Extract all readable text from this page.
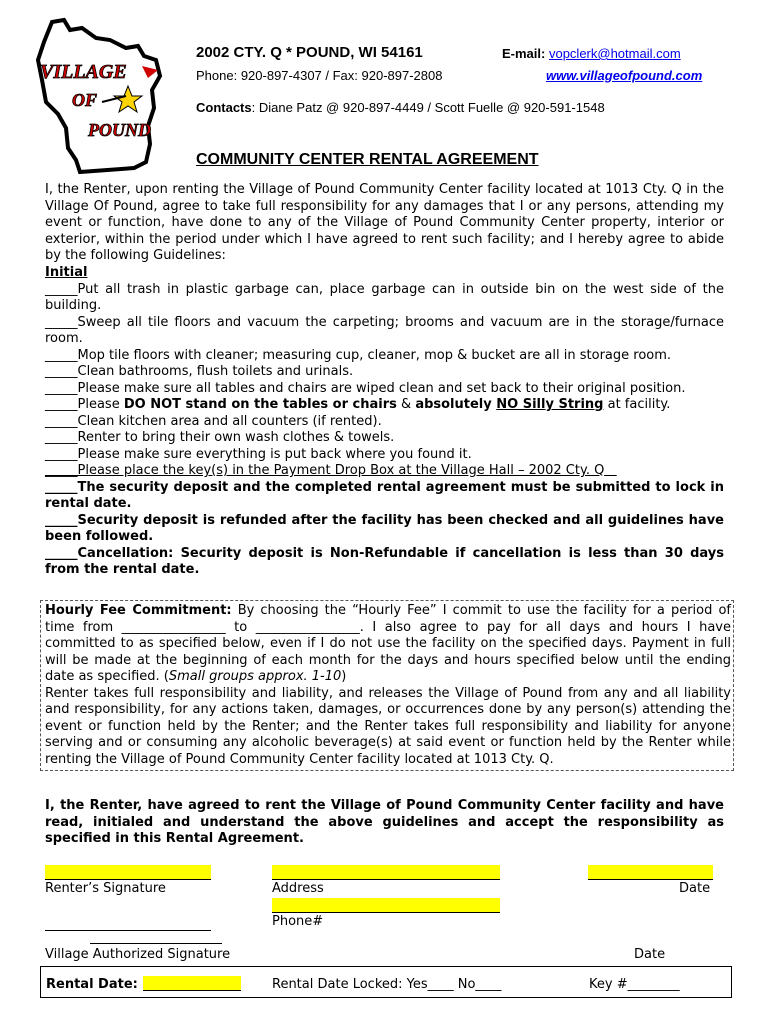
VILLAGE
OF
POUND
2002 CTY. Q * POUND, WI 54161	E-mail: vopclerk@hotmail.com
Phone: 920-897-4307 / Fax: 920-897-2808	www.villageofpound.com
Contacts: Diane Patz @ 920-897-4449 / Scott Fuelle @ 920-591-1548
COMMUNITY CENTER RENTAL AGREEMENT
I, the Renter, upon renting the Village of Pound Community Center facility located at 1013 Cty. Q in the Village Of Pound, agree to take full responsibility for any damages that I or any persons, attending my event or function, have done to any of the Village of Pound Community Center property, interior or exterior, within the period under which I have agreed to rent such facility; and I hereby agree to abide by the following Guidelines:

Initial

_____Put all trash in plastic garbage can, place garbage can in outside bin on the west side of the building.

_____Sweep all tile floors and vacuum the carpeting; brooms and vacuum are in the storage/furnace room.

_____Mop tile floors with cleaner; measuring cup, cleaner, mop & bucket are all in storage room.

_____Clean bathrooms, flush toilets and urinals.

_____Please make sure all tables and chairs are wiped clean and set back to their original position.

_____Please DO NOT stand on the tables or chairs & absolutely NO Silly String at facility.

_____Clean kitchen area and all counters (if rented).

_____Renter to bring their own wash clothes & towels.

_____Please make sure everything is put back where you found it.

_____Please place the key(s) in the Payment Drop Box at the Village Hall – 2002 Cty. Q

_____The security deposit and the completed rental agreement must be submitted to lock in rental date.

_____Security deposit is refunded after the facility has been checked and all guidelines have been followed.

_____Cancellation: Security deposit is Non-Refundable if cancellation is less than 30 days from the rental date.

Hourly Fee Commitment: By choosing the “Hourly Fee” I commit to use the facility for a period of time from ________________ to ________________. I also agree to pay for all days and hours I have committed to as specified below, even if I do not use the facility on the specified days. Payment in full will be made at the beginning of each month for the days and hours specified below until the ending date as specified. (Small groups approx. 1-10)

Renter takes full responsibility and liability, and releases the Village of Pound from any and all liability and responsibility, for any actions taken, damages, or occurrences done by any person(s) attending the event or function held by the Renter; and the Renter takes full responsibility and liability for anyone serving and or consuming any alcoholic beverage(s) at said event or function held by the Renter while renting the Village of Pound Community Center facility located at 1013 Cty. Q.

I, the Renter, have agreed to rent the Village of Pound Community Center facility and have read, initialed and understand the above guidelines and accept the responsibility as specified in this Rental Agreement.
Renter’s Signature	Address	Date
Phone#
Village Authorized Signature	Date
Rental Date:	Rental Date Locked: Yes____ No____	Key #________
